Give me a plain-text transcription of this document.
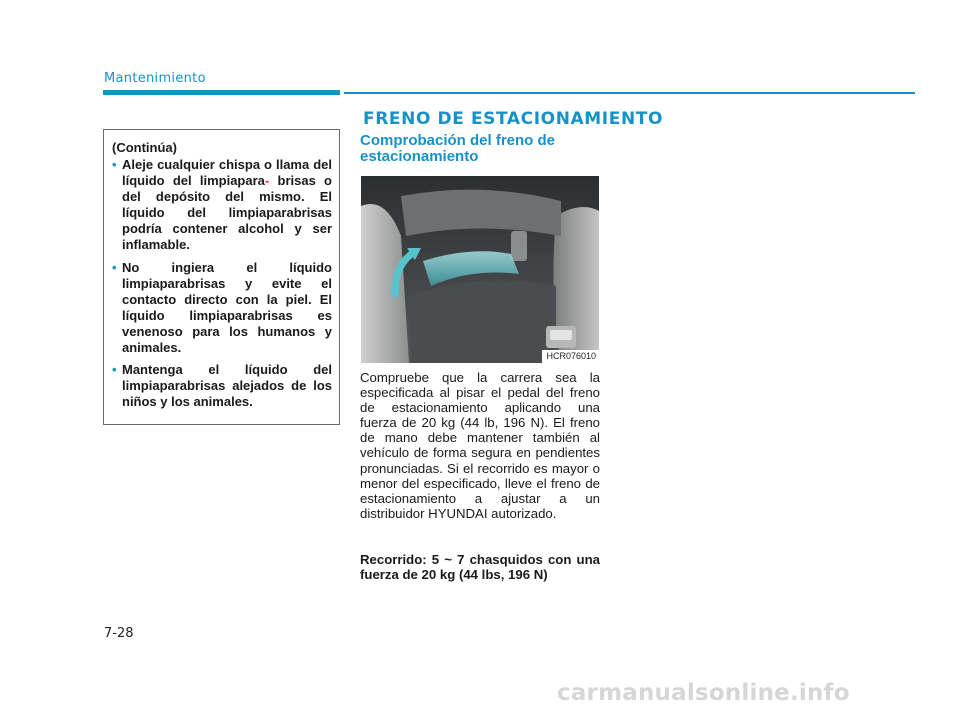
Mantenimiento
(Continúa)
• Aleje cualquier chispa o llama del líquido del limpiapara- brisas o del depósito del mismo. El líquido del limpiaparabrisas podría contener alcohol y ser inflamable.
• No ingiera el líquido limpiaparabrisas y evite el contacto directo con la piel. El líquido limpiaparabrisas es venenoso para los humanos y animales.
• Mantenga el líquido del limpiaparabrisas alejados de los niños y los animales.
FRENO DE ESTACIONAMIENTO
Comprobación del freno de estacionamiento
HCR076010

Compruebe que la carrera sea la especificada al pisar el pedal del freno de estacionamiento aplicando una fuerza de 20 kg (44 lb, 196 N). El freno de mano debe mantener también al vehículo de forma segura en pendientes pronunciadas. Si el recorrido es mayor o menor del especificado, lleve el freno de estacionamiento a ajustar a un distribuidor HYUNDAI autorizado.

Recorrido: 5 ~ 7 chasquidos con una fuerza de 20 kg (44 lbs, 196 N)

7-28
carmanualsonline.info
